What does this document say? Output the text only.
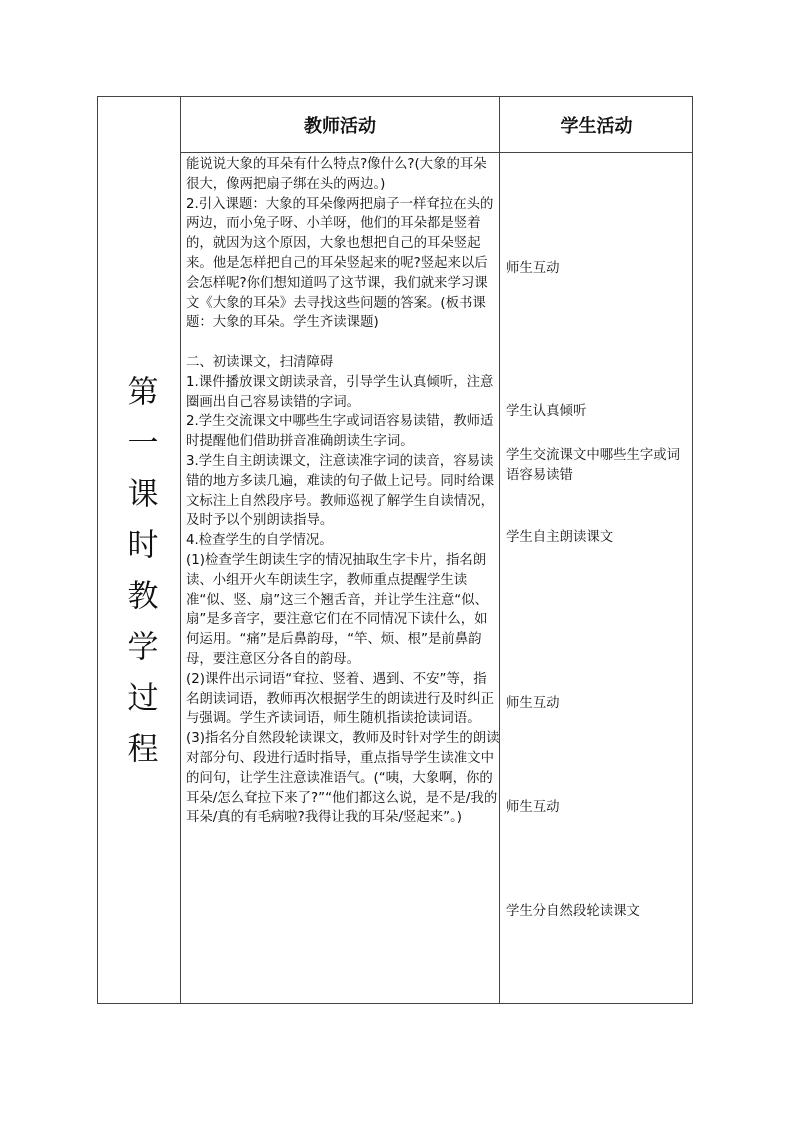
第一课时教学过程
教师活动	学生活动

能说说大象的耳朵有什么特点?像什么?(大象的耳朵很大，像两把扇子绑在头的两边。)

2.引入课题：大象的耳朵像两把扇子一样耷拉在头的两边，而小兔子呀、小羊呀，他们的耳朵都是竖着的，就因为这个原因，大象也想把自己的耳朵竖起来。他是怎样把自己的耳朵竖起来的呢?竖起来以后会怎样呢?你们想知道吗了这节课，我们就来学习课文《大象的耳朵》去寻找这些问题的答案。(板书课题：大象的耳朵。学生齐读课题)

二、初读课文，扫清障碍

1.课件播放课文朗读录音，引导学生认真倾听，注意圈画出自己容易读错的字词。

2.学生交流课文中哪些生字或词语容易读错，教师适时提醒他们借助拼音准确朗读生字词。

3.学生自主朗读课文，注意读准字词的读音，容易读错的地方多读几遍，难读的句子做上记号。同时给课文标注上自然段序号。教师巡视了解学生自读情况，及时予以个别朗读指导。

4.检查学生的自学情况。

(1)检查学生朗读生字的情况抽取生字卡片，指名朗读、小组开火车朗读生字，教师重点提醒学生读准“似、竖、扇”这三个翘舌音，并让学生注意“似、扇”是多音字，要注意它们在不同情况下读什么，如何运用。“痛”是后鼻韵母，“竿、烦、根”是前鼻韵母，要注意区分各自的韵母。

(2)课件出示词语“耷拉、竖着、遇到、不安”等，指名朗读词语，教师再次根据学生的朗读进行及时纠正与强调。学生齐读词语，师生随机指读抢读词语。

(3)指名分自然段轮读课文，教师及时针对学生的朗读对部分句、段进行适时指导，重点指导学生读准文中的问句，让学生注意读准语气。(“咦，大象啊，你的耳朵/怎么耷拉下来了?”“他们都这么说，是不是/我的耳朵/真的有毛病啦?我得让我的耳朵/竖起来”。)

师生互动

学生认真倾听

学生交流课文中哪些生字或词语容易读错

学生自主朗读课文

师生互动

师生互动

学生分自然段轮读课文
